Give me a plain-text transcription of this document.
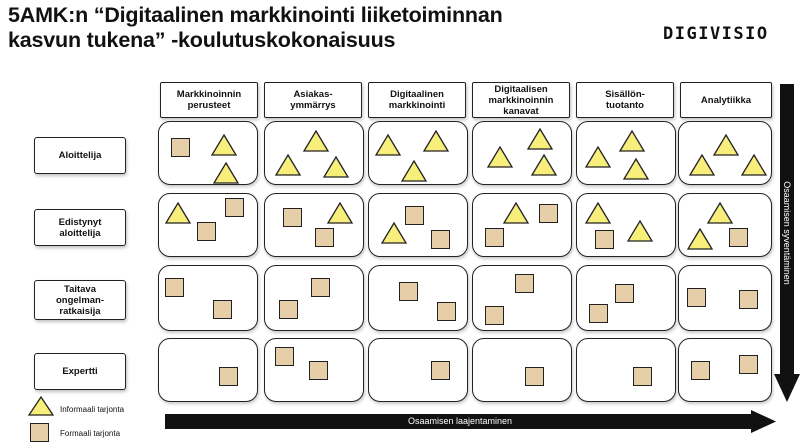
5AMK:n “Digitaalinen markkinointi liiketoiminnan
kasvun tukena” -koulutuskokonaisuus	DIGIVISIO
Markkinoinnin
perusteet
Asiakas-
ymmärrys
Digitaalinen
markkinointi
Digitaalisen
markkinoinnin
kanavat
Sisällön-
tuotanto	Analytiikka
Aloittelija
Edistynyt
aloittelija
Taitava
ongelman-
ratkaisija
Expertti
Osaamisen syventäminen
Osaamisen laajentaminen
Informaali tarjonta
Formaali tarjonta
